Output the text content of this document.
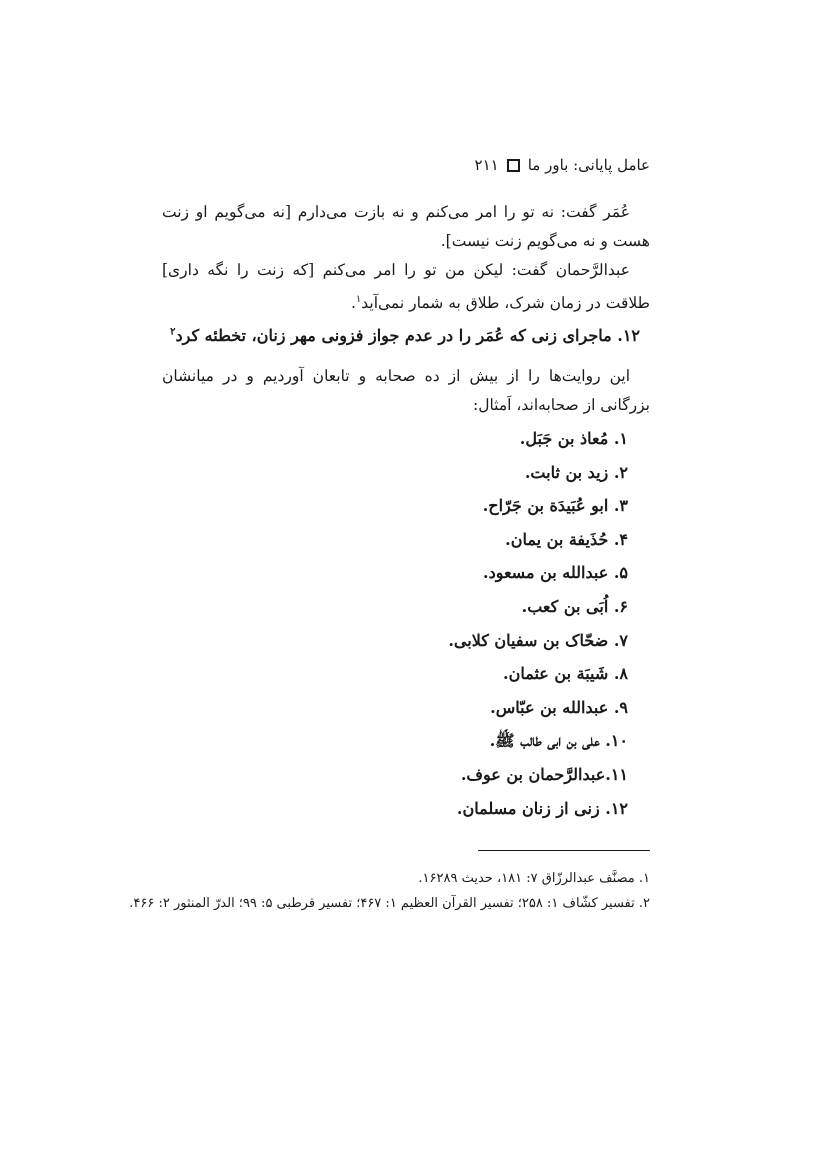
عامل پایانی: باور ما
۲۱۱

عُمَر گفت: نه تو را امر می‌کنم و نه بازت می‌دارم [نه می‌گویم او زنت هست و نه می‌گویم زنت نیست].

عبدالرَّحمان گفت: لیکن من تو را امر می‌کنم [که زنت را نگه داری] طلاقت در زمان شرک، طلاق به شمار نمی‌آید$^۱$.

۱۲. ماجرای زنی که عُمَر را در عدم جواز فزونی مهر زنان، تخطئه کرد$^۲$

این روایت‌ها را از بیش از ده صحابه و تابعان آوردیم و در میانشان بزرگانی از صحابه‌اند، اَمثال:

۱. مُعاذ بن جَبَل.
۲. زید بن ثابت.
۳. ابو عُبَیدَة بن جَرّاح.
۴. حُذَیفة بن یمان.
۵. عبدالله بن مسعود.
۶. اُبَی بن کعب.
۷. ضحّاک بن سفیان کلابی.
۸. شَیبَة بن عثمان.
۹. عبدالله بن عبّاس.
۱۰. علی بن ابی طالب ﷺ.
۱۱.عبدالرَّحمان بن عوف.
۱۲. زنی از زنان مسلمان.

۱. مصنَّف عبدالرزّاق ۷: ۱۸۱، حدیث ۱۶۲۸۹.

۲. تفسیر کشّاف ۱: ۲۵۸؛ تفسیر القرآن العظیم ۱: ۴۶۷؛ تفسیر قرطبی ۵: ۹۹؛ الدرّ المنثور ۲: ۴۶۶.
